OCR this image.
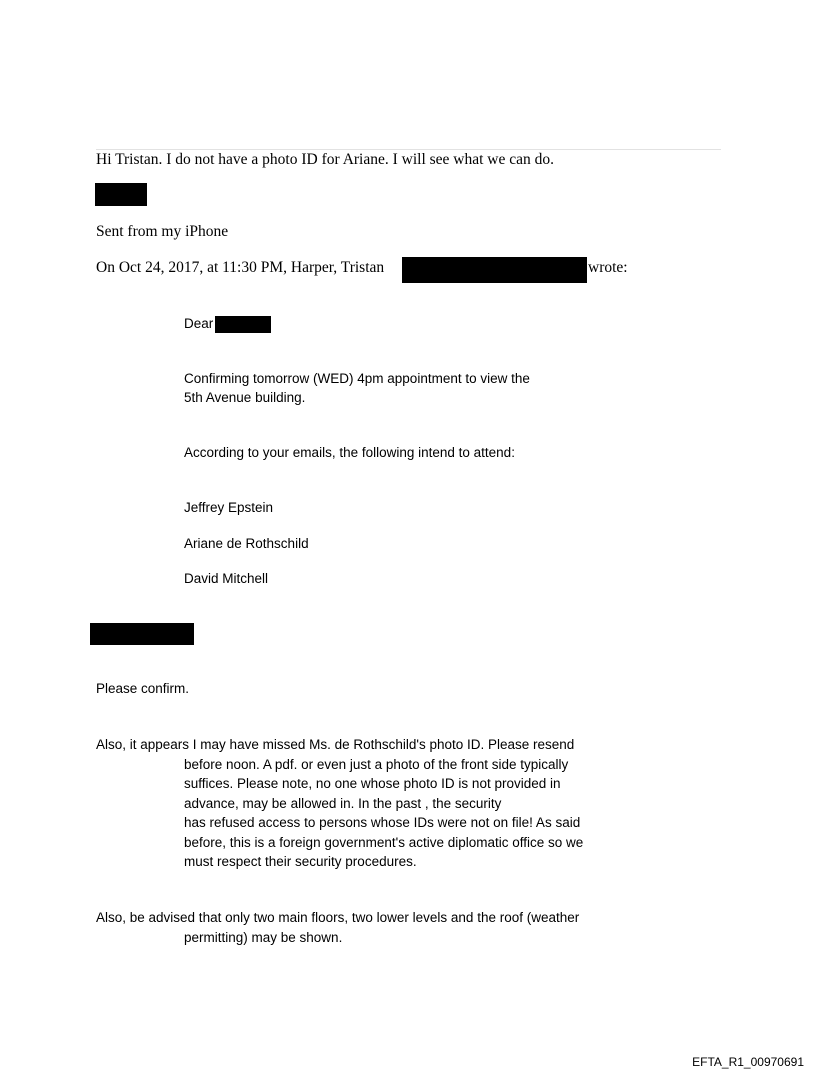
Hi Tristan. I do not have a photo ID for Ariane. I will see what we can do.
Sent from my iPhone
On Oct 24, 2017, at 11:30 PM, Harper, Tristan	wrote:
Dear
Confirming tomorrow (WED) 4pm appointment to view the
5th Avenue building.
According to your emails, the following intend to attend:
Jeffrey Epstein
Ariane de Rothschild
David Mitchell
Please confirm.
Also, it appears I may have missed Ms. de Rothschild's photo ID. Please resend
before noon. A pdf. or even just a photo of the front side typically
suffices. Please note, no one whose photo ID is not provided in
advance, may be allowed in. In the past , the security
has refused access to persons whose IDs were not on file! As said
before, this is a foreign government's active diplomatic office so we
must respect their security procedures.
Also, be advised that only two main floors, two lower levels and the roof (weather
permitting) may be shown.
EFTA_R1_00970691
